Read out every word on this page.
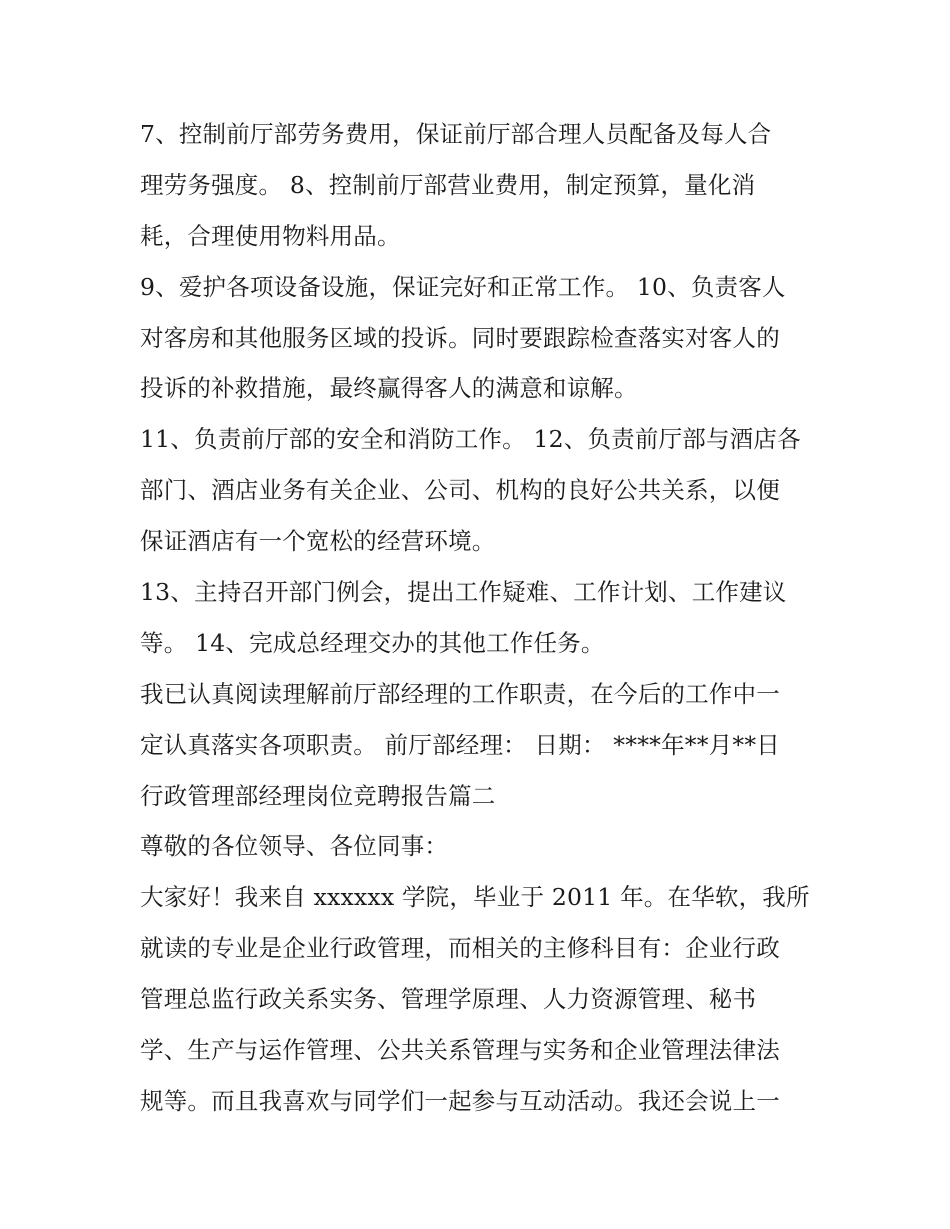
7、控制前厅部劳务费用，保证前厅部合理人员配备及每人合
理劳务强度。 8、控制前厅部营业费用，制定预算，量化消
耗，合理使用物料用品。
9、爱护各项设备设施，保证完好和正常工作。 10、负责客人
对客房和其他服务区域的投诉。同时要跟踪检查落实对客人的
投诉的补救措施，最终赢得客人的满意和谅解。
11、负责前厅部的安全和消防工作。 12、负责前厅部与酒店各
部门、酒店业务有关企业、公司、机构的良好公共关系，以便
保证酒店有一个宽松的经营环境。
13、主持召开部门例会，提出工作疑难、工作计划、工作建议
等。 14、完成总经理交办的其他工作任务。
我已认真阅读理解前厅部经理的工作职责，在今后的工作中一
定认真落实各项职责。 前厅部经理： 日期： ****年**月**日
行政管理部经理岗位竞聘报告篇二
尊敬的各位领导、各位同事：
大家好！我来自 xxxxxx 学院，毕业于 2011 年。在华软，我所
就读的专业是企业行政管理，而相关的主修科目有：企业行政
管理总监行政关系实务、管理学原理、人力资源管理、秘书
学、生产与运作管理、公共关系管理与实务和企业管理法律法
规等。而且我喜欢与同学们一起参与互动活动。我还会说上一
